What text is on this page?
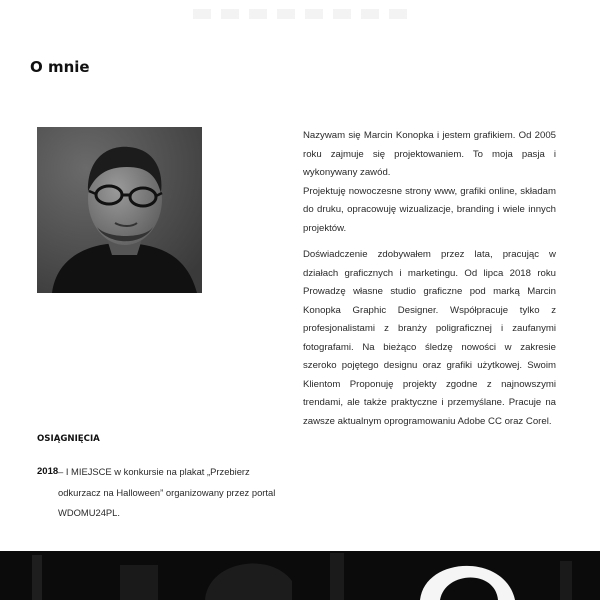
O mnie

Nazywam się Marcin Konopka i jestem grafikiem. Od 2005 roku zajmuje się projektowaniem. To moja pasja i wykonywany zawód.
Projektuję nowoczesne strony www, grafiki online, składam do druku, opracowuję wizualizacje, branding i wiele innych projektów.

Doświadczenie zdobywałem przez lata, pracując w działach graficznych i marketingu. Od lipca 2018 roku Prowadzę własne studio graficzne pod marką Marcin Konopka Graphic Designer. Współpracuje tylko z profesjonalistami z branży poligraficznej i zaufanymi fotografami. Na bieżąco śledzę nowości w zakresie szeroko pojętego designu oraz grafiki użytkowej. Swoim Klientom Proponuję projekty zgodne z najnowszymi trendami, ale także praktyczne i przemyślane. Pracuje na zawsze aktualnym oprogramowaniu Adobe CC oraz Corel.

OSIĄGNIĘCIA
2018 – I MIEJSCE w konkursie na plakat „Przebierz odkurzacz na Halloween” organizowany przez portal WDOMU24PL.
